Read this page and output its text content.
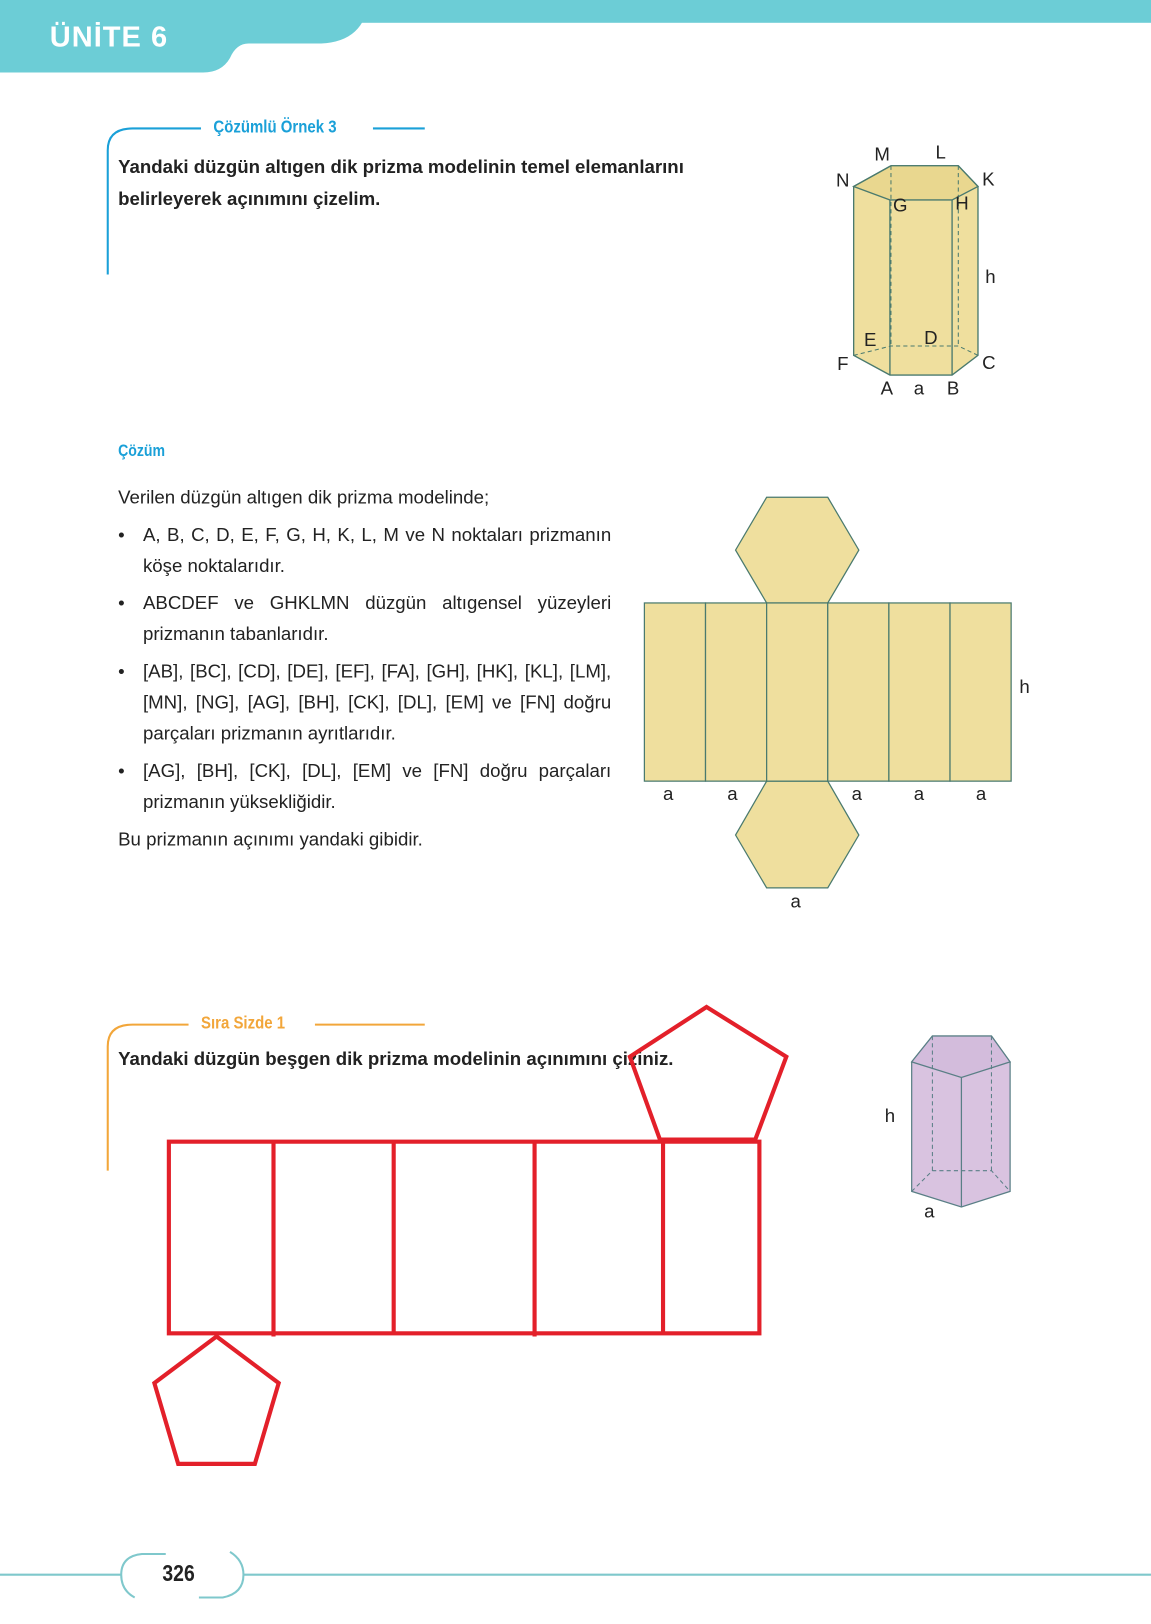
ÜNİTE 6
Çözümlü Örnek 3
Yandaki düzgün altıgen dik prizma modelinin temel elemanlarını belirleyerek açınımını çizelim.
M	L
N	K
G	H
E	D
F	C
A a B
h
Çözüm
Verilen düzgün altıgen dik prizma modelinde;
• A, B, C, D, E, F, G, H, K, L, M ve N noktaları prizmanın köşe noktalarıdır.
• ABCDEF ve GHKLMN düzgün altıgensel yüzeyleri prizmanın tabanlarıdır.
• [AB], [BC], [CD], [DE], [EF], [FA], [GH], [HK], [KL], [LM], [MN], [NG], [AG], [BH], [CK], [DL], [EM] ve [FN] doğru parçaları prizmanın ayrıtlarıdır.
• [AG], [BH], [CK], [DL], [EM] ve [FN] doğru parçaları prizmanın yüksekliğidir.
Bu prizmanın açınımı yandaki gibidir.
a	a	a	a	a
a
h
Sıra Sizde 1
Yandaki düzgün beşgen dik prizma modelinin açınımını çiziniz.
h
a
326
